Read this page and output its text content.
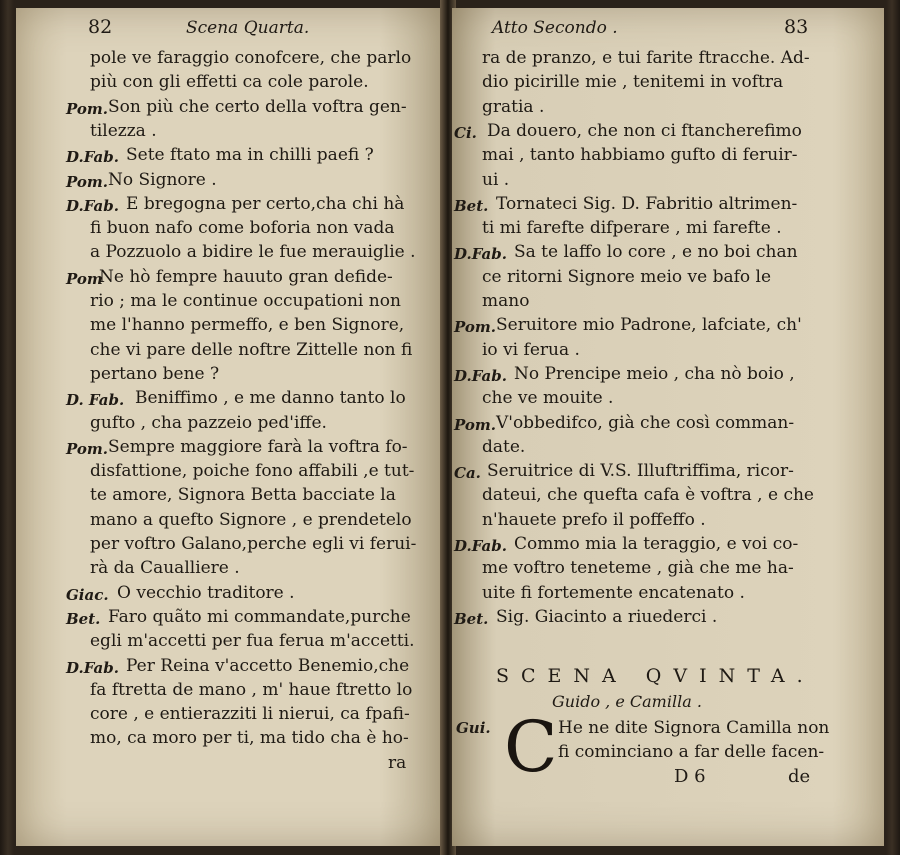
82	Scena Quarta.
pole ve faraggio conofcere, che parlo
più con gli effetti ca cole parole.
Pom. Son più che certo della voftra gen-
tilezza .
D.Fab. Sete ftato ma in chilli paefi ?
Pom. No Signore .
D.Fab. E bregogna per certo,cha chi hà
fi buon nafo come boforia non vada
a Pozzuolo a bidire le fue merauiglie .
Pom
Ne hò fempre hauuto gran defide-
rio ; ma le continue occupationi non
me l'hanno permeffo, e ben Signore,
che vi pare delle noftre Zittelle non fi
pertano bene ?
D. Fab. Beniffimo , e me danno tanto lo
gufto , cha pazzeio ped'iffe.
Pom. Sempre maggiore farà la voftra fo-
disfattione, poiche fono affabili ,e tut-
te amore, Signora Betta bacciate la
mano a quefto Signore , e prendetelo
per voftro Galano,perche egli vi ferui-
rà da Caualliere .
Giac. O vecchio traditore .
Bet. Faro quãto mi commandate,purche
egli m'accetti per fua ferua m'accetti.
D.Fab. Per Reina v'accetto Benemio,che
fa ftretta de mano , m' haue ftretto lo
core , e entierazziti li nierui, ca fpafi-
mo, ca moro per ti, ma tido cha è ho-
ra
Atto Secondo .	83
ra de pranzo, e tui farite ftracche. Ad-
dio picirille mie , tenitemi in voftra
gratia .
Ci. Da douero, che non ci ftancherefimo
mai , tanto habbiamo gufto di feruir-
ui .
Bet. Tornateci Sig. D. Fabritio altrimen-
ti mi farefte difperare , mi farefte .
D.Fab. Sa te laffo lo core , e no boi chan
ce ritorni Signore meio ve bafo le
mano
Pom. Seruitore mio Padrone, lafciate, ch'
io vi ferua .
D.Fab. No Prencipe meio , cha nò boio ,
che ve mouite .
Pom. V'obbedifco, già che così comman-
date.
Ca. Seruitrice di V.S. Illuftriffima, ricor-
dateui, che quefta cafa è voftra , e che
n'hauete prefo il poffeffo .
D.Fab. Commo mia la teraggio, e voi co-
me voftro teneteme , già che me ha-
uite fi fortemente encatenato .
Bet. Sig. Giacinto a riuederci .
SCENA QVINTA.
Guido , e Camilla .
Gui. C He ne dite Signora Camilla non
fi cominciano a far delle facen-
D 6	de
